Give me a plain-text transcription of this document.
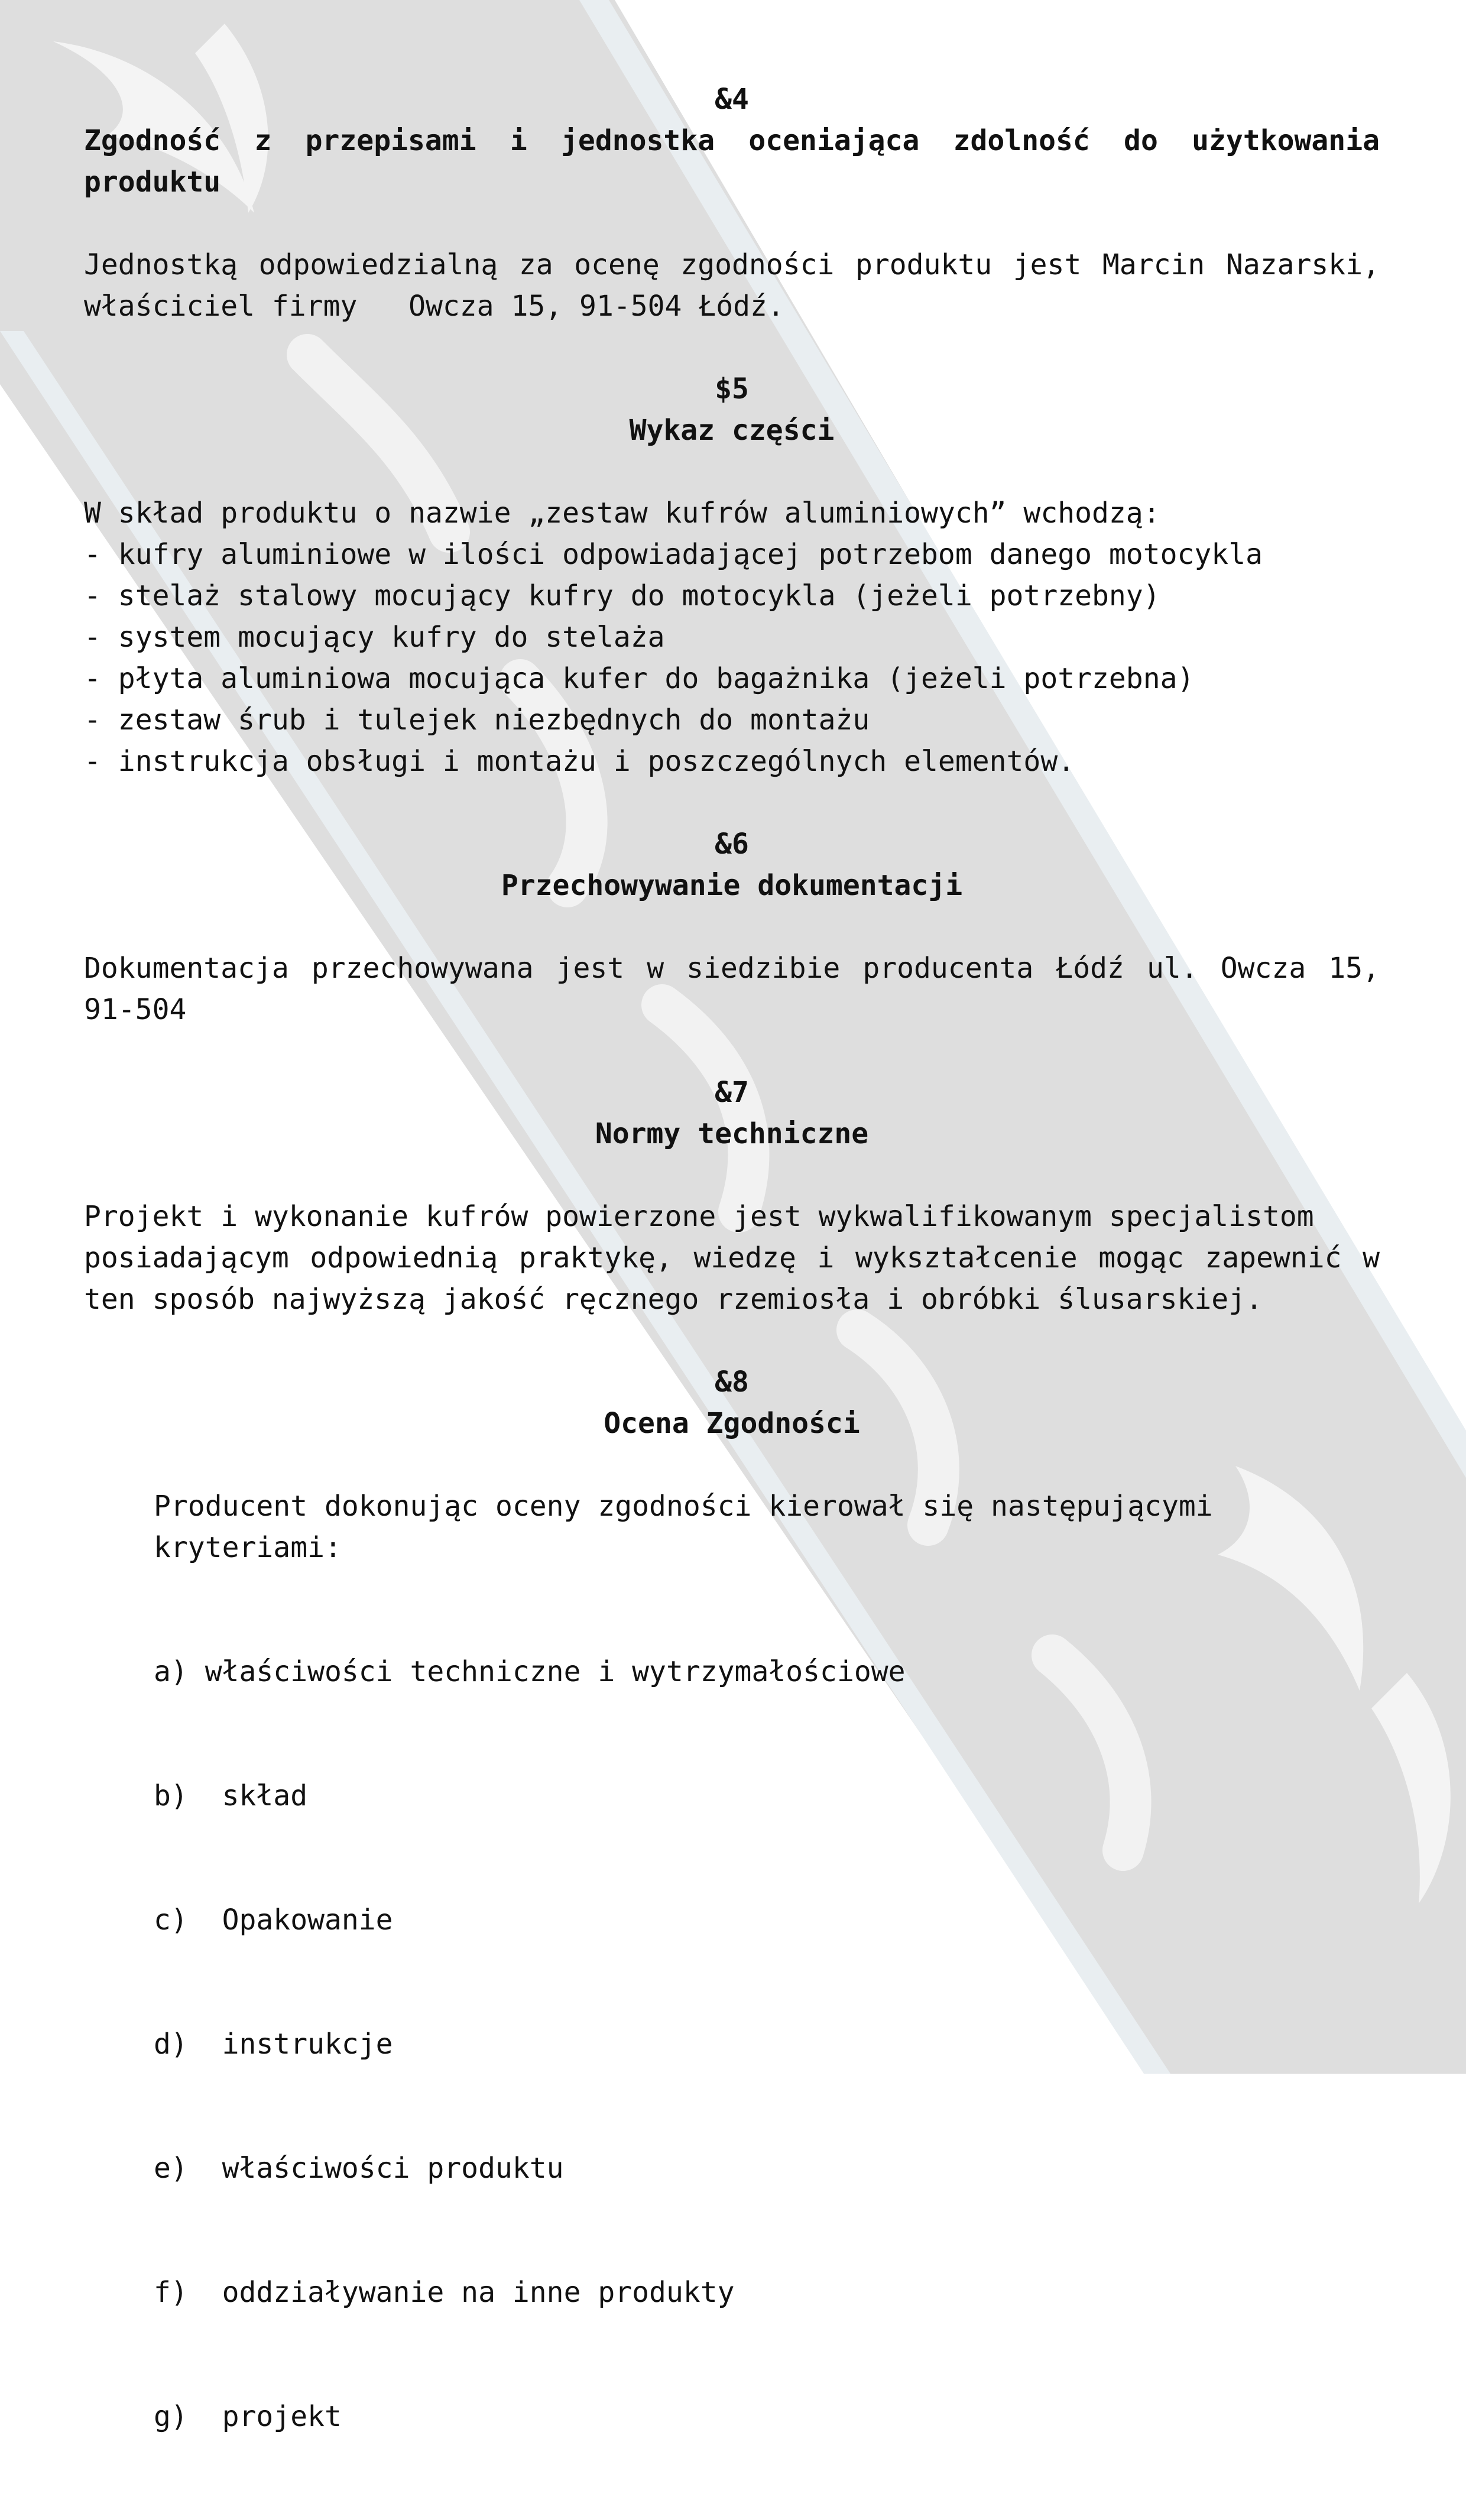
&4
Zgodność z przepisami i jednostka oceniająca zdolność do użytkowania
produktu
Jednostką odpowiedzialną za ocenę zgodności produktu jest Marcin Nazarski,
właściciel firmy   Owcza 15, 91-504 Łódź.
$5
Wykaz części
W skład produktu o nazwie „zestaw kufrów aluminiowych” wchodzą:
- kufry aluminiowe w ilości odpowiadającej potrzebom danego motocykla
- stelaż stalowy mocujący kufry do motocykla (jeżeli potrzebny)
- system mocujący kufry do stelaża
- płyta aluminiowa mocująca kufer do bagażnika (jeżeli potrzebna)
- zestaw śrub i tulejek niezbędnych do montażu
- instrukcja obsługi i montażu i poszczególnych elementów.
&6
Przechowywanie dokumentacji
Dokumentacja przechowywana jest w siedzibie producenta Łódź ul. Owcza 15,
91-504
&7
Normy techniczne
Projekt i wykonanie kufrów powierzone jest wykwalifikowanym specjalistom
posiadającym odpowiednią praktykę, wiedzę i wykształcenie mogąc zapewnić w
ten sposób najwyższą jakość ręcznego rzemiosła i obróbki ślusarskiej.
&8
Ocena Zgodności
Producent dokonując oceny zgodności kierował się następującymi
kryteriami:

a) właściwości techniczne i wytrzymałościowe

b)  skład

c)  Opakowanie

d)  instrukcje

e)  właściwości produktu

f)  oddziaływanie na inne produkty

g)  projekt
